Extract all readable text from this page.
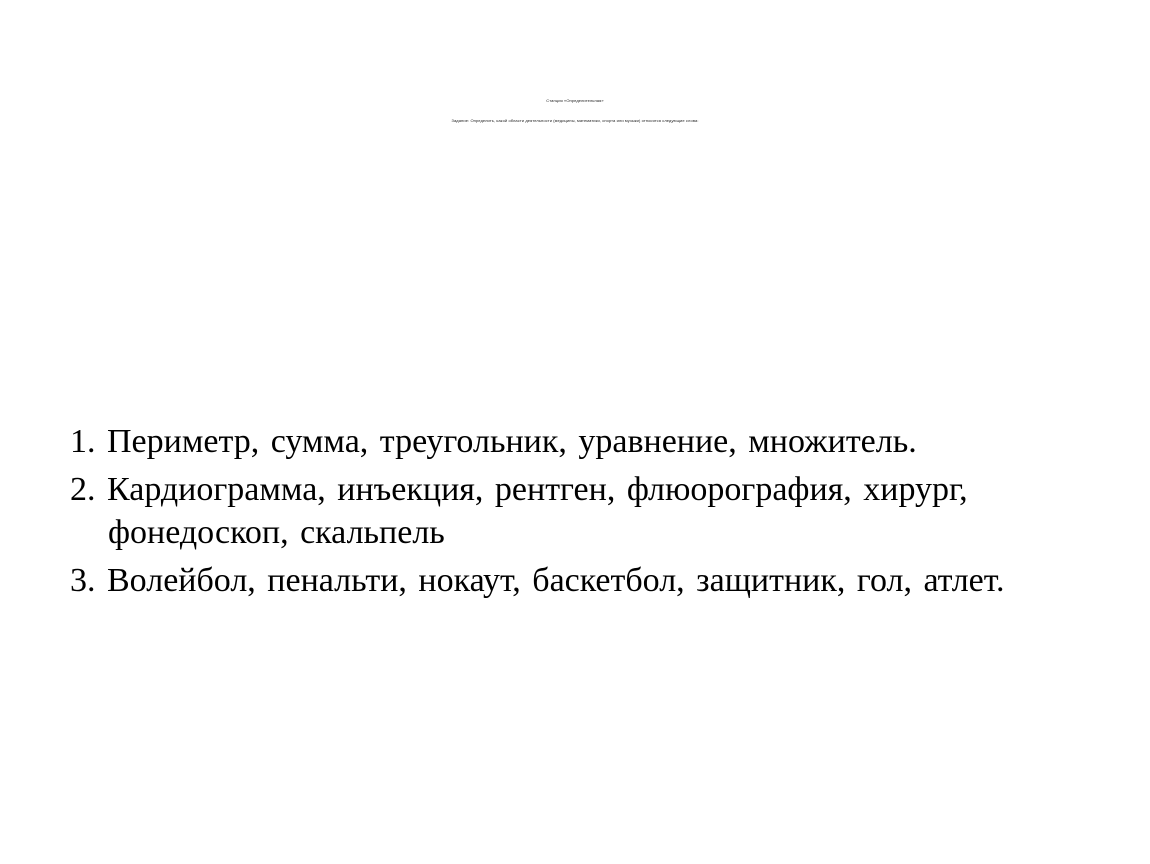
Станция «Определительная»
Задание: Определить, какой области деятельности (медицины, математики, спорта или музыки) относятся следующие слова:
1. Периметр, сумма, треугольник, уравнение, множитель.
2. Кардиограмма, инъекция, рентген, флюорография, хирург, фонедоскоп, скальпель
3. Волейбол, пенальти, нокаут, баскетбол, защитник, гол, атлет.
